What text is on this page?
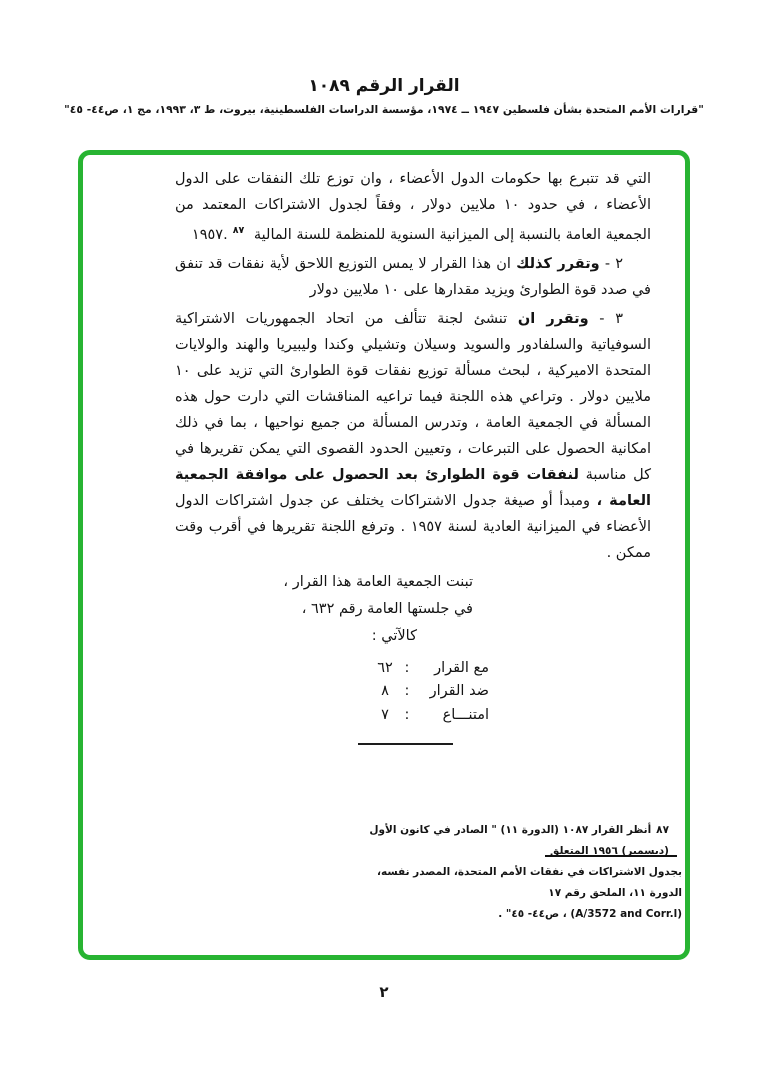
القرار الرقم ١٠٨٩
"قرارات الأمم المتحدة بشأن فلسطين ١٩٤٧ ــ ١٩٧٤، مؤسسة الدراسات الفلسطينية، بيروت، ط ٣، ١٩٩٣، مج ١، ص٤٤- ٤٥"

التي قد تتبرع بها حكومات الدول الأعضاء ، وان توزع تلك النفقات على الدول الأعضاء ، في حدود ١٠ ملايين دولار ، وفقاً لجدول الاشتراكات المعتمد من الجمعية العامة بالنسبة إلى الميزانية السنوية للمنظمة للسنة المالية ١٩٥٧.٨٧

٢ - وتقرر كذلك ان هذا القرار لا يمس التوزيع اللاحق لأية نفقات قد تنفق في صدد قوة الطوارئ ويزيد مقدارها على ١٠ ملايين دولار

٣ - وتقرر ان تنشئ لجنة تتألف من اتحاد الجمهوريات الاشتراكية السوفياتية والسلفادور والسويد وسيلان وتشيلي وكندا وليبيريا والهند والولايات المتحدة الاميركية ، لبحث مسألة توزيع نفقات قوة الطوارئ التي تزيد على ١٠ ملايين دولار . وتراعي هذه اللجنة فيما تراعيه المناقشات التي دارت حول هذه المسألة في الجمعية العامة ، وتدرس المسألة من جميع نواحيها ، بما في ذلك امكانية الحصول على التبرعات ، وتعيين الحدود القصوى التي يمكن تقريرها في كل مناسبة لنفقات قوة الطوارئ بعد الحصول على موافقة الجمعية العامة ، ومبدأ أو صيغة جدول الاشتراكات يختلف عن جدول اشتراكات الدول الأعضاء في الميزانية العادية لسنة ١٩٥٧ . وترفع اللجنة تقريرها في أقرب وقت ممكن .

تبنت الجمعية العامة هذا القرار ،
في جلستها العامة رقم ٦٣٢ ،
كالآتي :
مع القرار
:
٦٢
ضد القرار
:
٨
امتنـــاع
:
٧
٨٧أنظر القرار ١٠٨٧ (الدورة ١١) " الصادر في كانون الأول (ديسمبر) ١٩٥٦ المتعلق
بجدول الاشتراكات في نفقات الأمم المتحدة، المصدر نفسه، الدورة ١١، الملحق رقم ١٧
(A/3572 and Corr.l) ، ص٤٤- ٤٥" .
٢
